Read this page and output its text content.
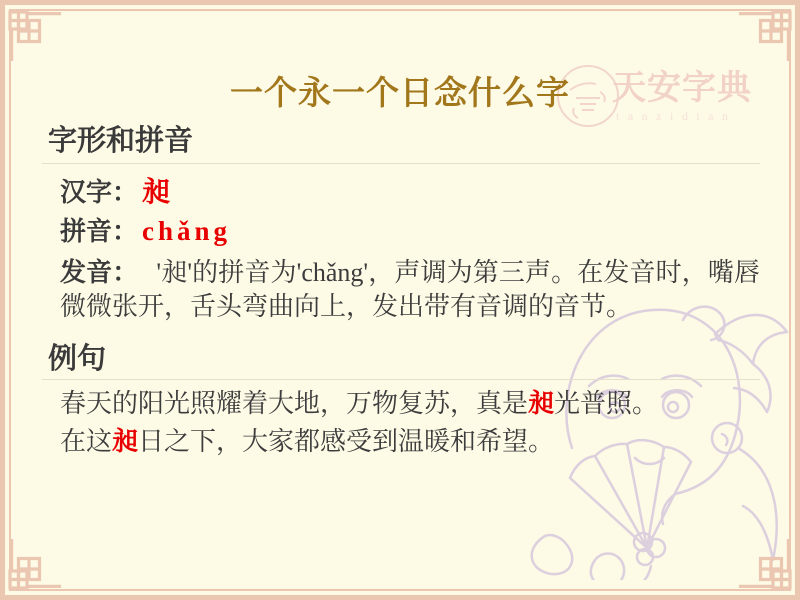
天安字典
tanzidian
一个永一个日念什么字
字形和拼音
汉字： 昶
拼音： chǎng
发音： '昶'的拼音为'chǎng'，声调为第三声。在发音时，嘴唇微微张开，舌头弯曲向上，发出带有音调的音节。
例句
春天的阳光照耀着大地，万物复苏，真是昶光普照。
在这昶日之下，大家都感受到温暖和希望。
